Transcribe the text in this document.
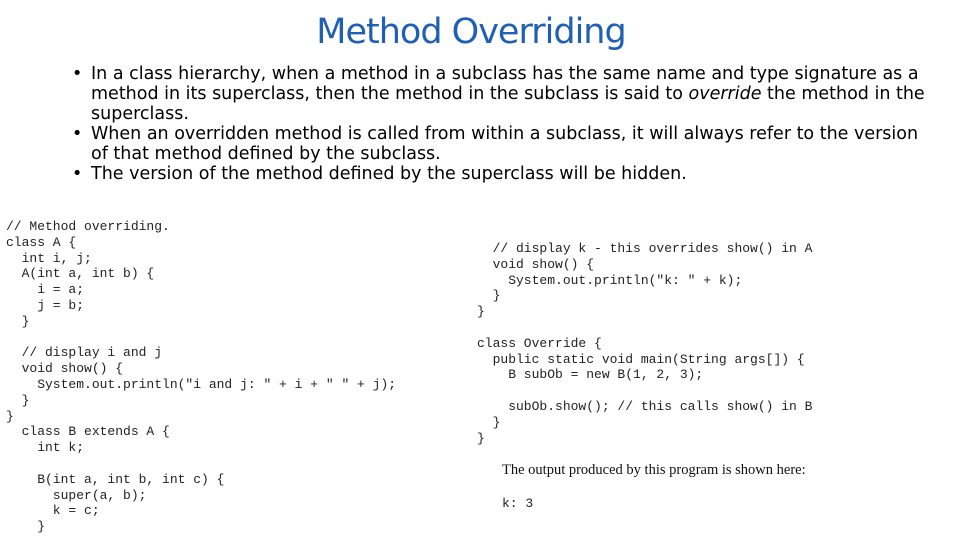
Method Overriding
• In a class hierarchy, when a method in a subclass has the same name and type signature as a method in its superclass, then the method in the subclass is said to override the method in the superclass.
• When an overridden method is called from within a subclass, it will always refer to the version of that method defined by the subclass.
• The version of the method defined by the superclass will be hidden.
// Method overriding.
class A {
int i, j;
A(int a, int b) {
i = a;
j = b;
}

// display i and j
void show() {
System.out.println("i and j: " + i + " " + j);
}
}
class B extends A {
int k;

B(int a, int b, int c) {
super(a, b);
k = c;
}
// display k - this overrides show() in A
void show() {
System.out.println("k: " + k);
}
}

class Override {
public static void main(String args[]) {
B subOb = new B(1, 2, 3);

subOb.show(); // this calls show() in B
}
}

The output produced by this program is shown here:

k: 3
